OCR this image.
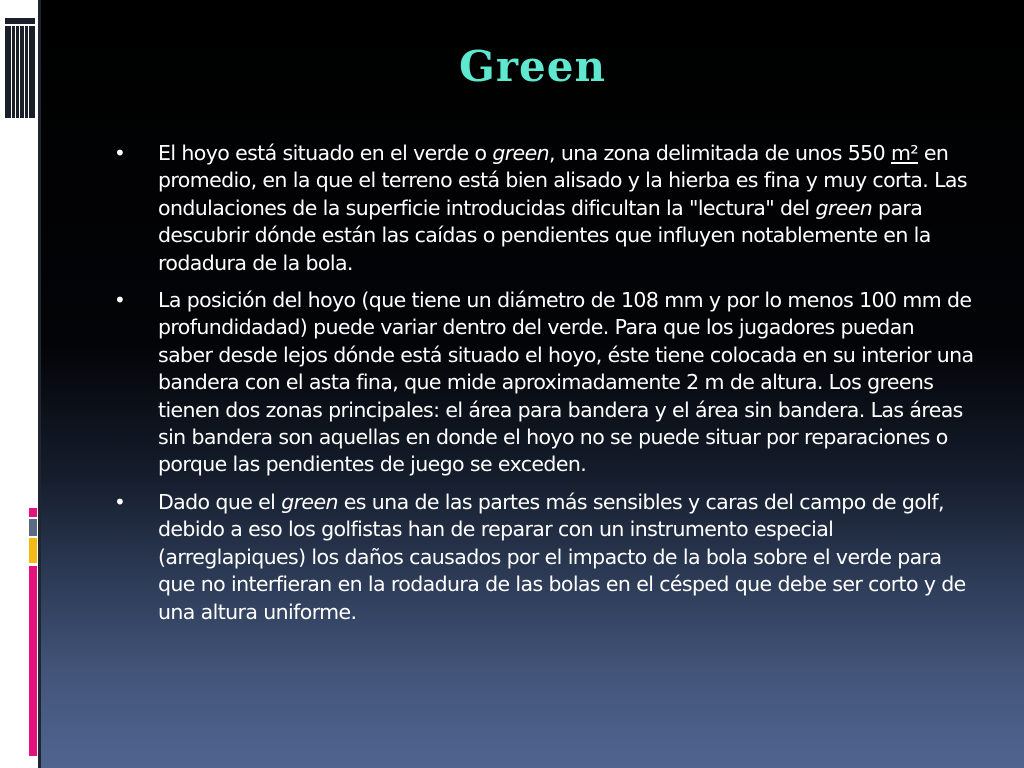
Green
• El hoyo está situado en el verde o green, una zona delimitada de unos 550 m² en promedio, en la que el terreno está bien alisado y la hierba es fina y muy corta. Las ondulaciones de la superficie introducidas dificultan la "lectura" del green para descubrir dónde están las caídas o pendientes que influyen notablemente en la rodadura de la bola.
• La posición del hoyo (que tiene un diámetro de 108 mm y por lo menos 100 mm de profundidadad) puede variar dentro del verde. Para que los jugadores puedan saber desde lejos dónde está situado el hoyo, éste tiene colocada en su interior una bandera con el asta fina, que mide aproximadamente 2 m de altura. Los greens tienen dos zonas principales: el área para bandera y el área sin bandera. Las áreas sin bandera son aquellas en donde el hoyo no se puede situar por reparaciones o porque las pendientes de juego se exceden.
• Dado que el green es una de las partes más sensibles y caras del campo de golf, debido a eso los golfistas han de reparar con un instrumento especial (arreglapiques) los daños causados por el impacto de la bola sobre el verde para que no interfieran en la rodadura de las bolas en el césped que debe ser corto y de una altura uniforme.
